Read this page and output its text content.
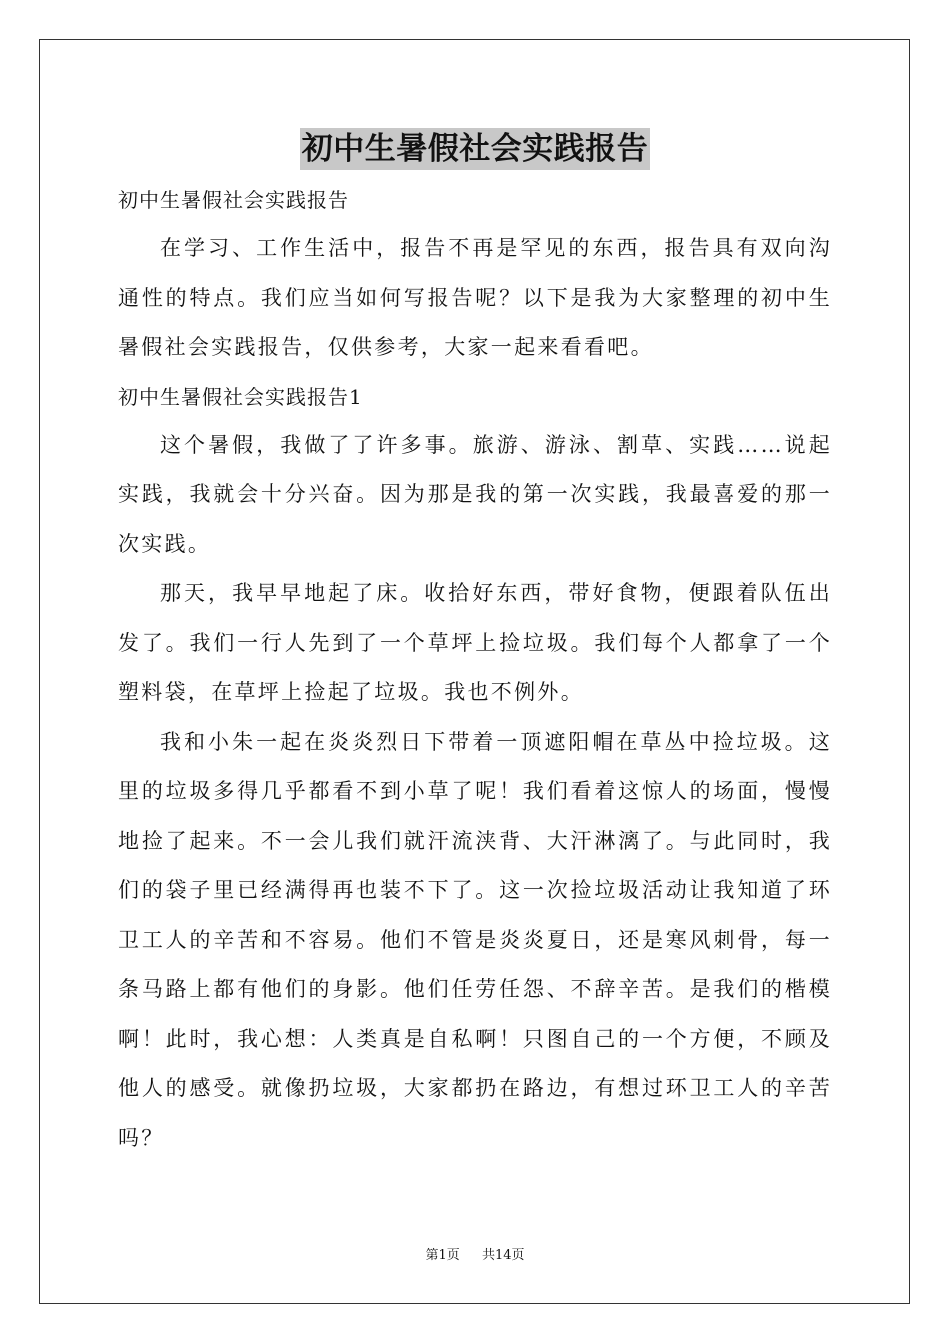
初中生暑假社会实践报告

初中生暑假社会实践报告

在学习、工作生活中，报告不再是罕见的东西，报告具有双向沟通性的特点。我们应当如何写报告呢？以下是我为大家整理的初中生暑假社会实践报告，仅供参考，大家一起来看看吧。

初中生暑假社会实践报告1

这个暑假，我做了了许多事。旅游、游泳、割草、实践……说起实践，我就会十分兴奋。因为那是我的第一次实践，我最喜爱的那一次实践。

那天，我早早地起了床。收拾好东西，带好食物，便跟着队伍出发了。我们一行人先到了一个草坪上捡垃圾。我们每个人都拿了一个塑料袋，在草坪上捡起了垃圾。我也不例外。

我和小朱一起在炎炎烈日下带着一顶遮阳帽在草丛中捡垃圾。这里的垃圾多得几乎都看不到小草了呢！我们看着这惊人的场面，慢慢地捡了起来。不一会儿我们就汗流浃背、大汗淋漓了。与此同时，我们的袋子里已经满得再也装不下了。这一次捡垃圾活动让我知道了环卫工人的辛苦和不容易。他们不管是炎炎夏日，还是寒风刺骨，每一条马路上都有他们的身影。他们任劳任怨、不辞辛苦。是我们的楷模啊！此时，我心想：人类真是自私啊！只图自己的一个方便，不顾及他人的感受。就像扔垃圾，大家都扔在路边，有想过环卫工人的辛苦吗？

第1页 共14页
